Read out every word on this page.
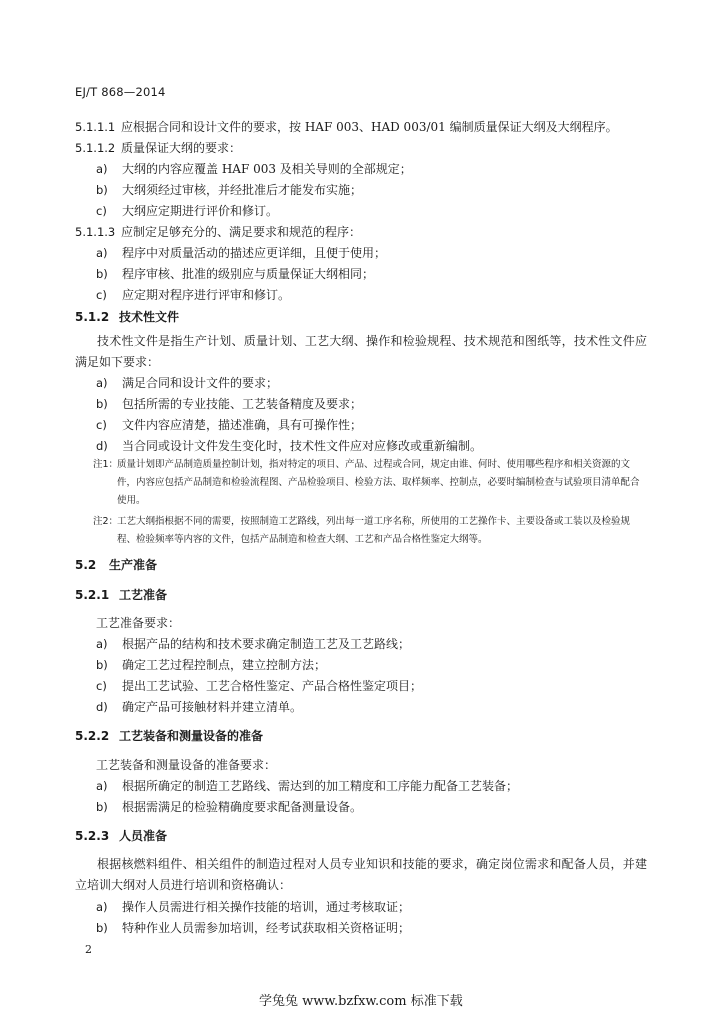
EJ/T 868—2014
5.1.1.1 应根据合同和设计文件的要求，按 HAF 003、HAD 003/01 编制质量保证大纲及大纲程序。
5.1.1.2 质量保证大纲的要求：
a) 大纲的内容应覆盖 HAF 003 及相关导则的全部规定；
b) 大纲须经过审核，并经批准后才能发布实施；
c) 大纲应定期进行评价和修订。
5.1.1.3 应制定足够充分的、满足要求和规范的程序：
a) 程序中对质量活动的描述应更详细，且便于使用；
b) 程序审核、批准的级别应与质量保证大纲相同；
c) 应定期对程序进行评审和修订。
5.1.2 技术性文件
技术性文件是指生产计划、质量计划、工艺大纲、操作和检验规程、技术规范和图纸等，技术性文件应满足如下要求：
a) 满足合同和设计文件的要求；
b) 包括所需的专业技能、工艺装备精度及要求；
c) 文件内容应清楚，描述准确，具有可操作性；
d) 当合同或设计文件发生变化时，技术性文件应对应修改或重新编制。
注1：
质量计划即产品制造质量控制计划，指对特定的项目、产品、过程或合同，规定由谁、何时、使用哪些程序和相关资源的文件，内容应包括产品制造和检验流程图、产品检验项目、检验方法、取样频率、控制点，必要时编制检查与试验项目清单配合使用。
注2：
工艺大纲指根据不同的需要，按照制造工艺路线，列出每一道工序名称，所使用的工艺操作卡、主要设备或工装以及检验规程、检验频率等内容的文件，包括产品制造和检查大纲、工艺和产品合格性鉴定大纲等。
5.2 生产准备
5.2.1 工艺准备
工艺准备要求：
a) 根据产品的结构和技术要求确定制造工艺及工艺路线；
b) 确定工艺过程控制点，建立控制方法；
c) 提出工艺试验、工艺合格性鉴定、产品合格性鉴定项目；
d) 确定产品可接触材料并建立清单。
5.2.2 工艺装备和测量设备的准备
工艺装备和测量设备的准备要求：
a) 根据所确定的制造工艺路线、需达到的加工精度和工序能力配备工艺装备；
b) 根据需满足的检验精确度要求配备测量设备。
5.2.3 人员准备
根据核燃料组件、相关组件的制造过程对人员专业知识和技能的要求，确定岗位需求和配备人员，并建立培训大纲对人员进行培训和资格确认：
a) 操作人员需进行相关操作技能的培训，通过考核取证；
b) 特种作业人员需参加培训，经考试获取相关资格证明；
2
学兔兔 www.bzfxw.com 标准下载
